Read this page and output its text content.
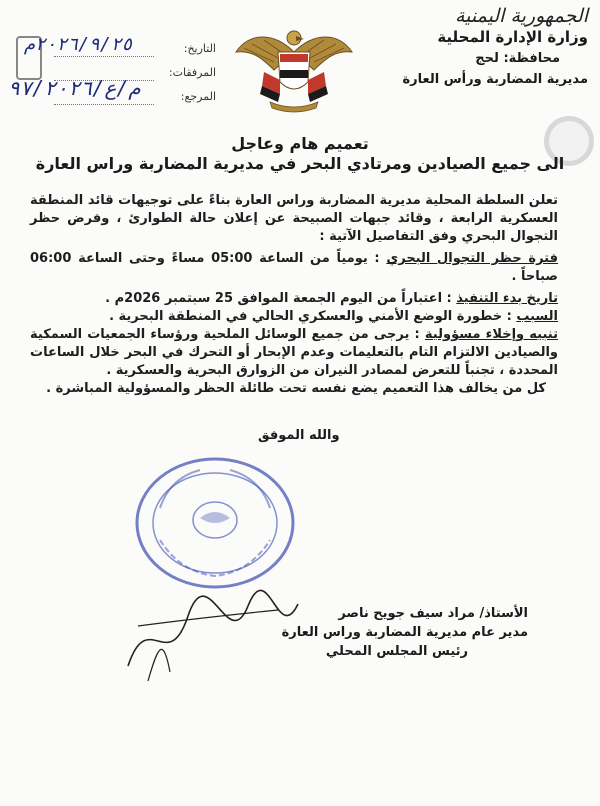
الجمهورية اليمنية
وزارة الإدارة المحلية
محافظة: لحج
مديرية المضاربة ورأس العارة
التاريخ:
المرفقات:
المرجع:
٢٠٢٦/٩/٢٥م
م/ع/٩٧/٢٠٢٦
تعميم هام وعاجل
الى جميع الصيادين ومرتادي البحر في مديرية المضاربة وراس العارة

تعلن السلطة المحلية مديرية المضاربة وراس العارة بناءً على توجيهات قائد المنطقة العسكرية الرابعة ، وقائد جبهات الصبيحة عن إعلان حالة الطوارئ ، وفرض حظر التجوال البحري وفق التفاصيل الآتية :

فترة حظر التجوال البحري : يومياً من الساعة 05:00 مساءً وحتى الساعة 06:00 صباحاً .

تاريخ بدء التنفيذ : اعتباراً من اليوم الجمعة الموافق 25 سبتمبر 2026م .

السبب : خطورة الوضع الأمني والعسكري الحالي في المنطقة البحرية .

تنبيه وإخلاء مسؤولية : يرجى من جميع الوسائل الملحية ورؤساء الجمعيات السمكية والصيادين الالتزام التام بالتعليمات وعدم الإبحار أو التحرك في البحر خلال الساعات المحددة ، تجنباً للتعرض لمصادر النيران من الزوارق البحرية والعسكرية .

كل من يخالف هذا التعميم يضع نفسه تحت طائلة الحظر والمسؤولية المباشرة .

والله الموفق
الأستاذ/ مراد سيف جويح ناصر
مدير عام مديرية المضاربة وراس العارة
رئيس المجلس المحلي
